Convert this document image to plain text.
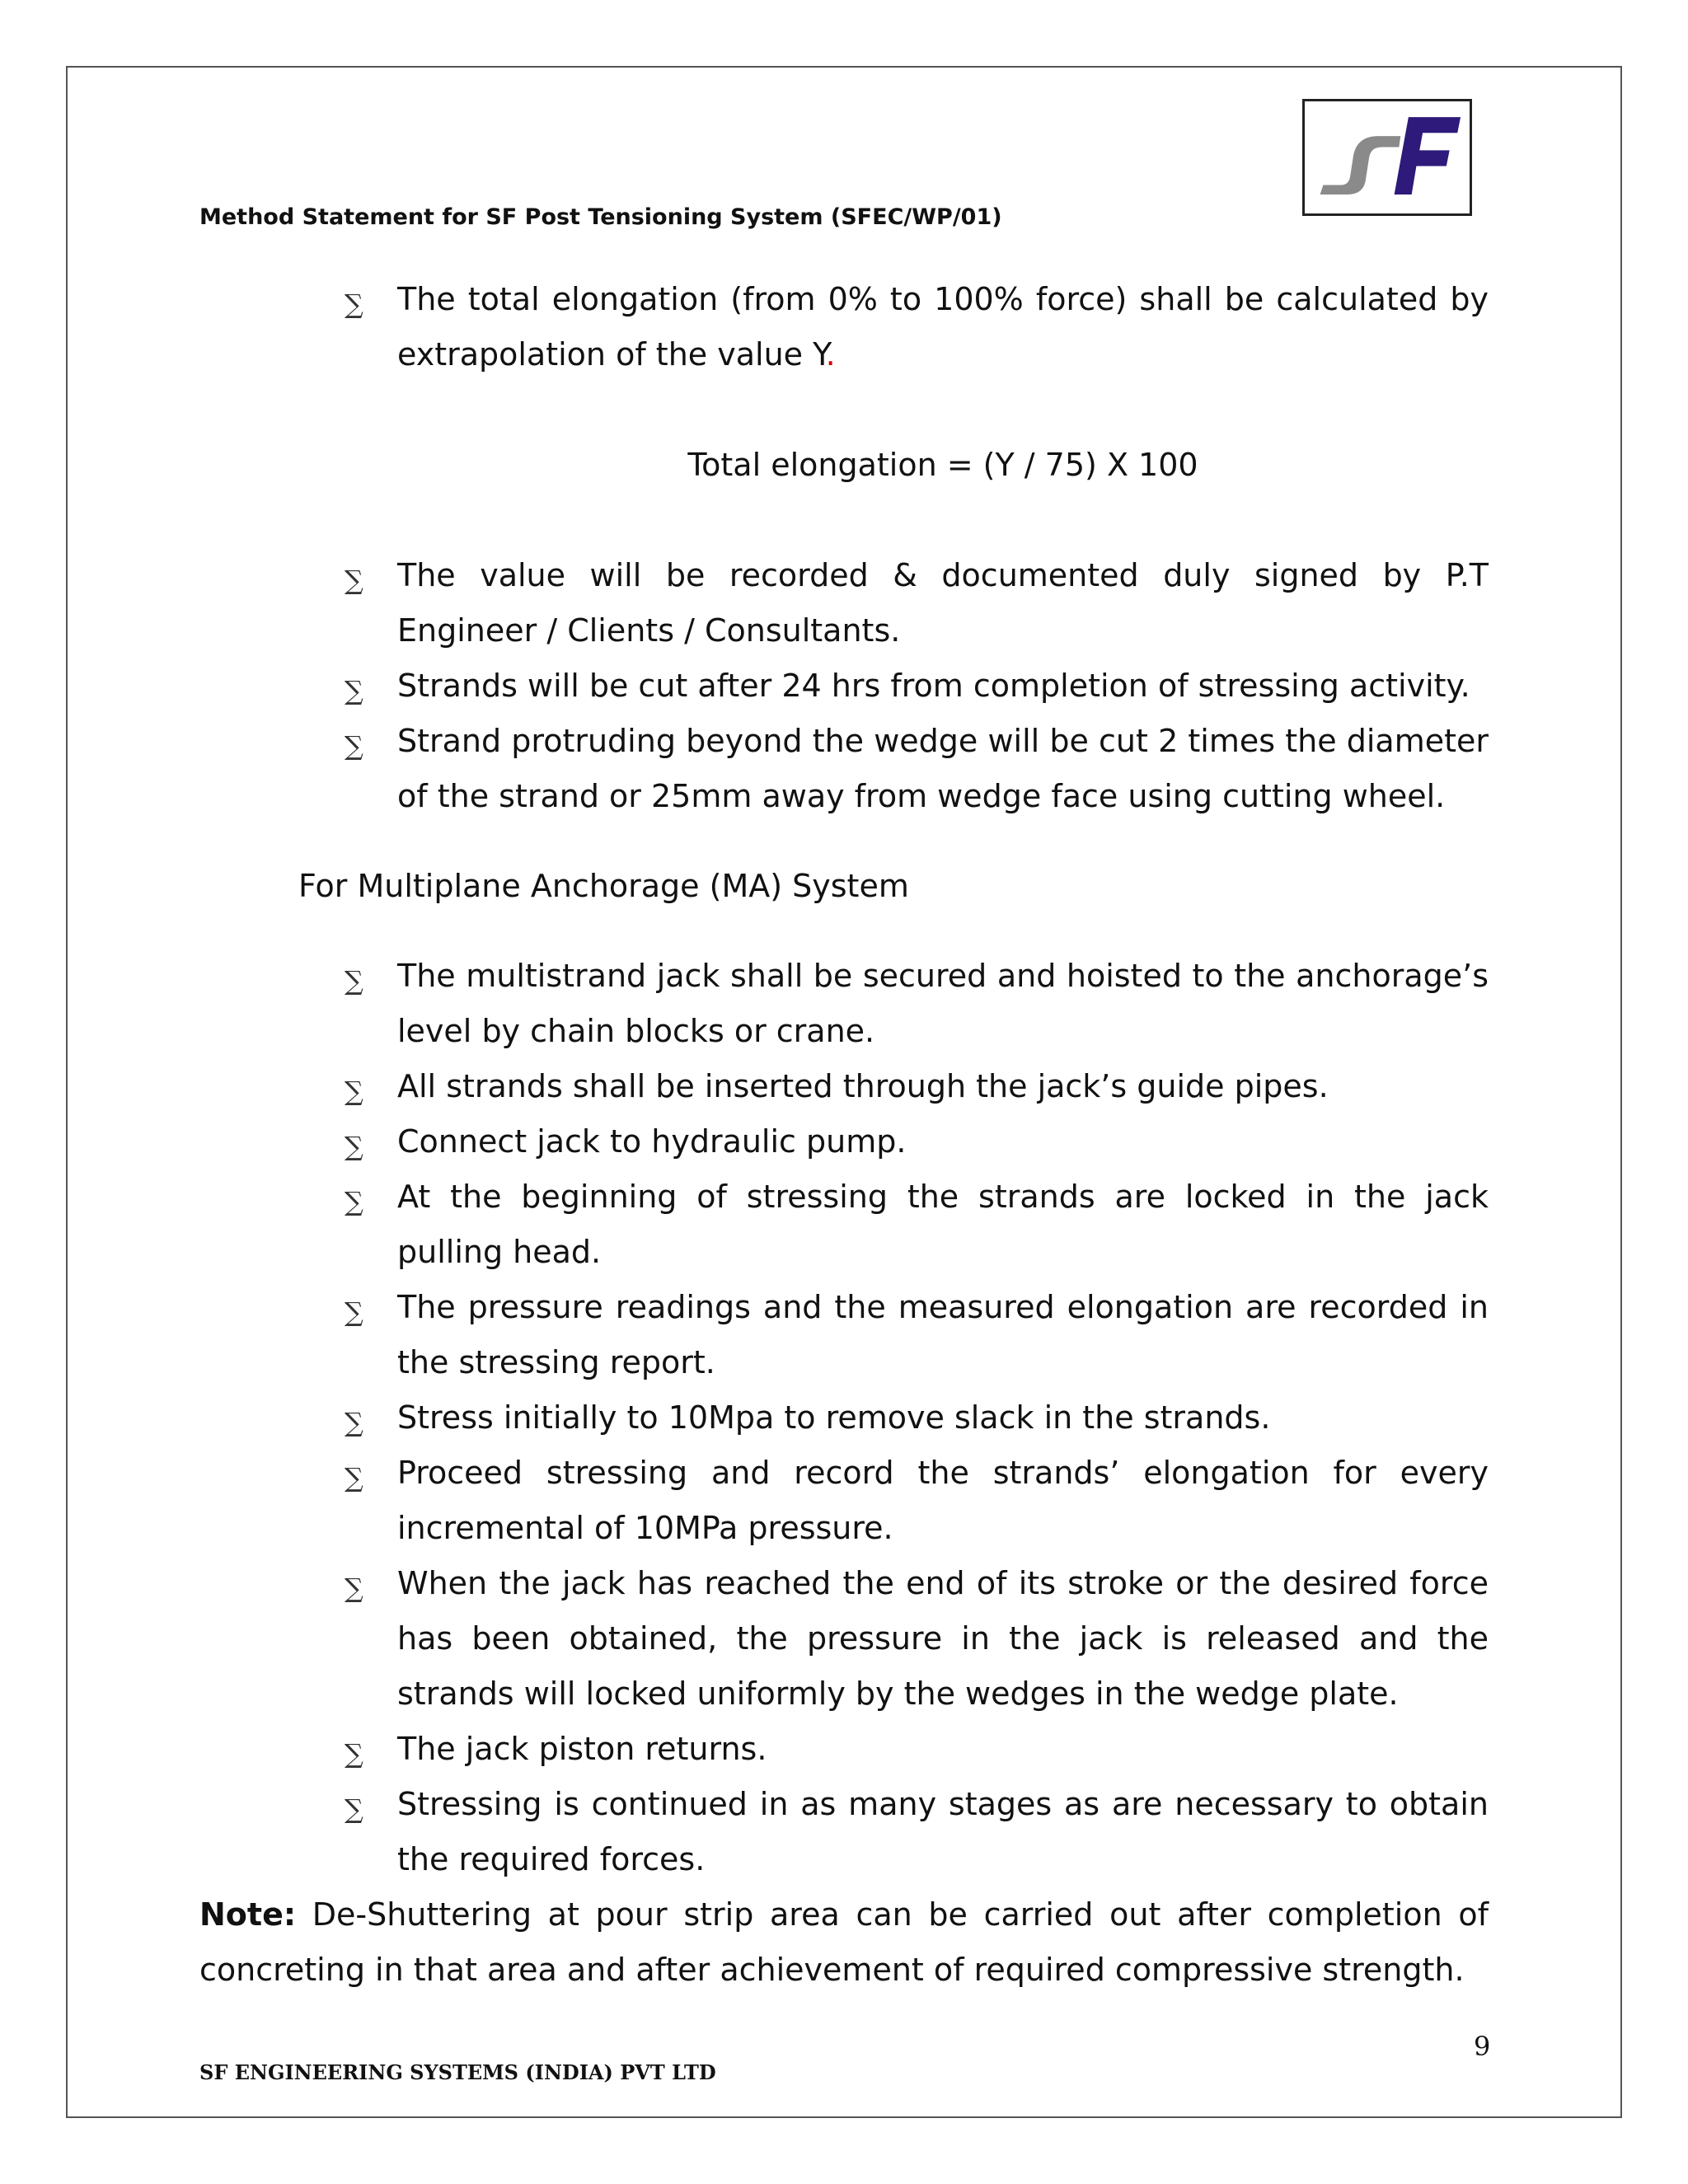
Method Statement for SF Post Tensioning System (SFEC/WP/01)
∑ The total elongation (from 0% to 100% force) shall be calculated by extrapolation of the value Y.
Total elongation = (Y / 75) X 100
∑ The value will be recorded & documented duly signed by P.T Engineer / Clients / Consultants.
∑ Strands will be cut after 24 hrs from completion of stressing activity.
∑ Strand protruding beyond the wedge will be cut 2 times the diameter of the strand or 25mm away from wedge face using cutting wheel.
For Multiplane Anchorage (MA) System
∑ The multistrand jack shall be secured and hoisted to the anchorage’s level by chain blocks or crane.
∑ All strands shall be inserted through the jack’s guide pipes.
∑ Connect jack to hydraulic pump.
∑ At the beginning of stressing the strands are locked in the jack pulling head.
∑ The pressure readings and the measured elongation are recorded in the stressing report.
∑ Stress initially to 10Mpa to remove slack in the strands.
∑ Proceed stressing and record the strands’ elongation for every incremental of 10MPa pressure.
∑ When the jack has reached the end of its stroke or the desired force has been obtained, the pressure in the jack is released and the strands will locked uniformly by the wedges in the wedge plate.
∑ The jack piston returns.
∑ Stressing is continued in as many stages as are necessary to obtain the required forces.
Note: De-Shuttering at pour strip area can be carried out after completion of concreting in that area and after achievement of required compressive strength.
9
SF ENGINEERING SYSTEMS (INDIA) PVT LTD
